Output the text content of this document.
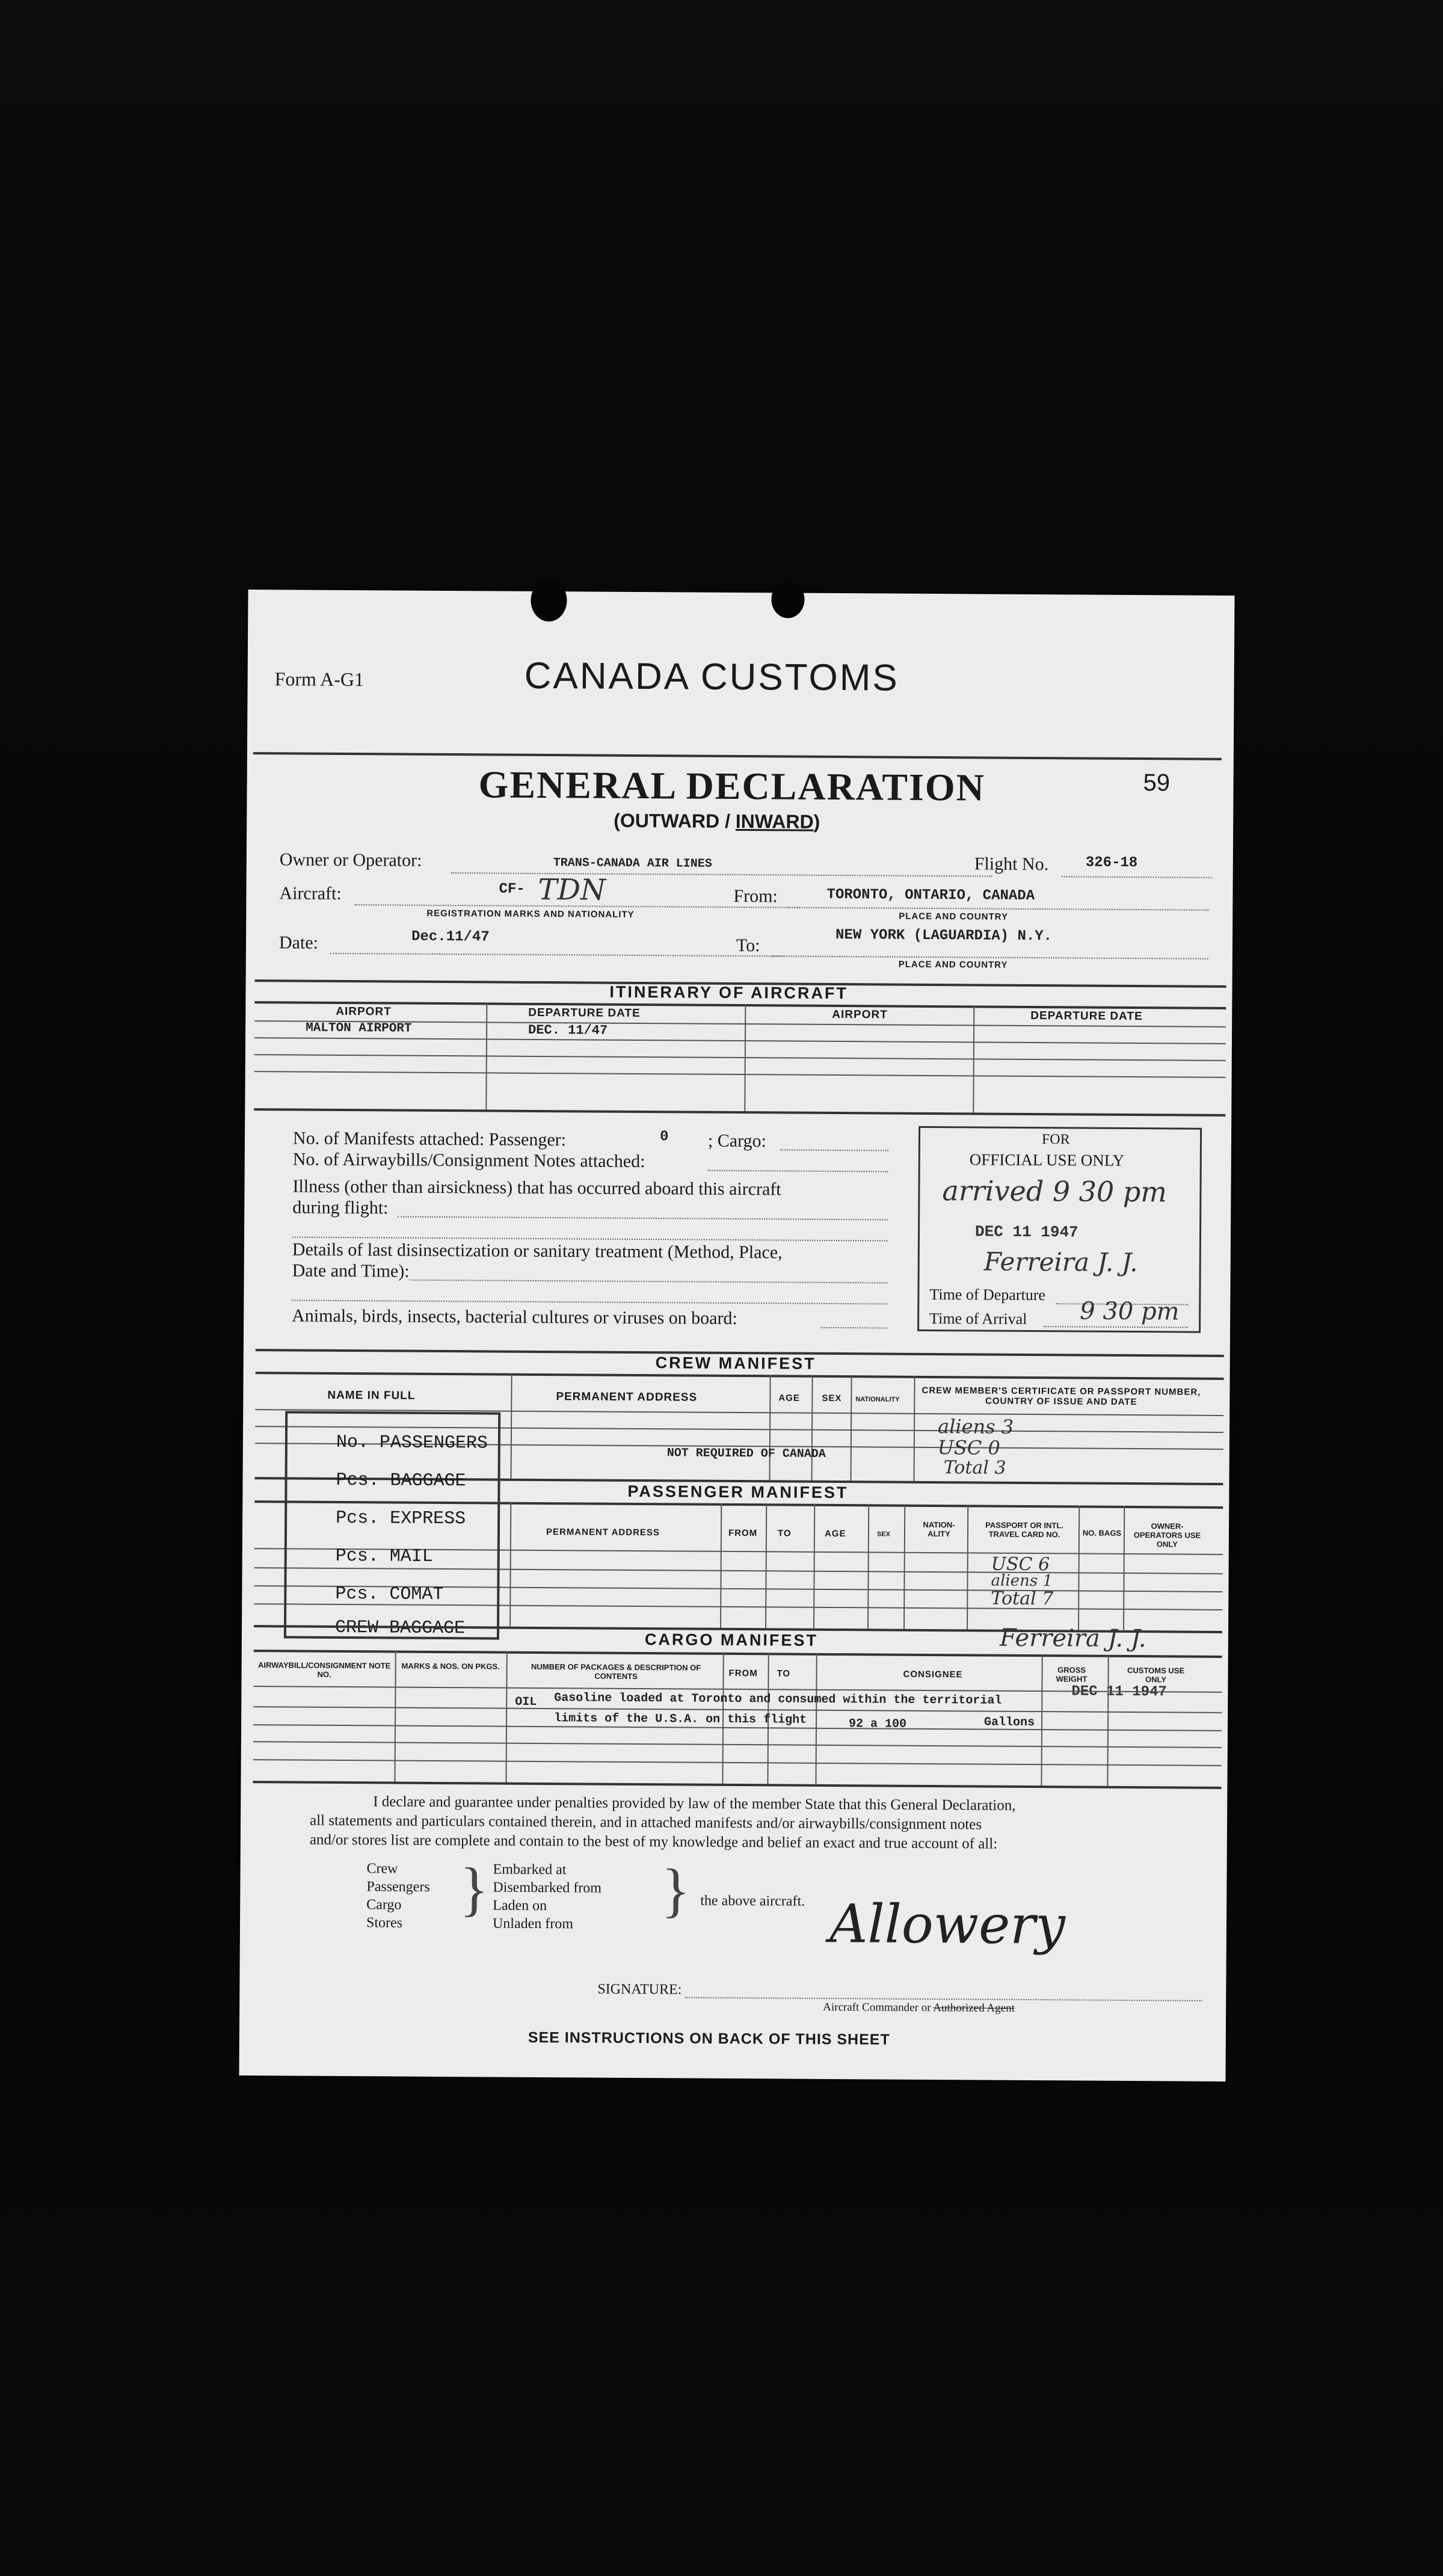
Form A-G1	CANADA CUSTOMS
GENERAL DECLARATION	59
(OUTWARD / INWARD)
Owner or Operator:	TRANS-CANADA AIR LINES	Flight No.	326-18
Aircraft:	CF- TDN
REGISTRATION MARKS AND NATIONALITY
From:	TORONTO, ONTARIO, CANADA
PLACE AND COUNTRY
Date:	Dec.11/47	To:	NEW YORK (LAGUARDIA) N.Y.
PLACE AND COUNTRY
ITINERARY OF AIRCRAFT
AIRPORT	DEPARTURE DATE	AIRPORT	DEPARTURE DATE
MALTON AIRPORT	DEC. 11/47
No. of Manifests attached: Passenger:	0 ; Cargo:
No. of Airwaybills/Consignment Notes attached:
Illness (other than airsickness) that has occurred aboard this aircraft
during flight:
Details of last disinsectization or sanitary treatment (Method, Place,
Date and Time):
Animals, birds, insects, bacterial cultures or viruses on board:
FOR
OFFICIAL USE ONLY
arrived 9 30 pm
DEC 11 1947
Ferreira J. J.
Time of Departure
Time of Arrival 9 30 pm
CREW MANIFEST
NAME IN FULL	PERMANENT ADDRESS	AGE SEX NATIONALITY
CREW MEMBER'S CERTIFICATE OR PASSPORT NUMBER, COUNTRY OF ISSUE AND DATE
NOT REQUIRED OF CANADA
aliens 3
USC 0
Total 3
PASSENGER MANIFEST
PERMANENT ADDRESS	FROM TO	AGE	SEX
NATION-ALITY
PASSPORT OR INTL. TRAVEL CARD NO.	NO. BAGS
OWNER-OPERATORS USE ONLY
USC 6
aliens 1
Total 7
No. PASSENGERS
Pcs. BAGGAGE
Pcs. EXPRESS
Pcs. MAIL
Pcs. COMAT
CREW BAGGAGE
CARGO MANIFEST	Ferreira J. J.
AIRWAYBILL/CONSIGNMENT NOTE NO.
MARKS & NOS. ON PKGS.	NUMBER OF PACKAGES & DESCRIPTION OF CONTENTS	FROM TO	CONSIGNEE	GROSS WEIGHT
CUSTOMS USE ONLY
DEC 11 1947
OIL Gasoline loaded at Toronto and consumed within the territorial
limits of the U.S.A. on this flight	92 a 100	Gallons
I declare and guarantee under penalties provided by law of the member State that this General Declaration,
all statements and particulars contained therein, and in attached manifests and/or airwaybills/consignment notes
and/or stores list are complete and contain to the best of my knowledge and belief an exact and true account of all:
Crew
Passengers
Cargo
Stores
} Embarked at
Disembarked from
Laden on
Unladen from
} the above aircraft. Allowery
SIGNATURE:
Aircraft Commander or Authorized Agent
SEE INSTRUCTIONS ON BACK OF THIS SHEET
